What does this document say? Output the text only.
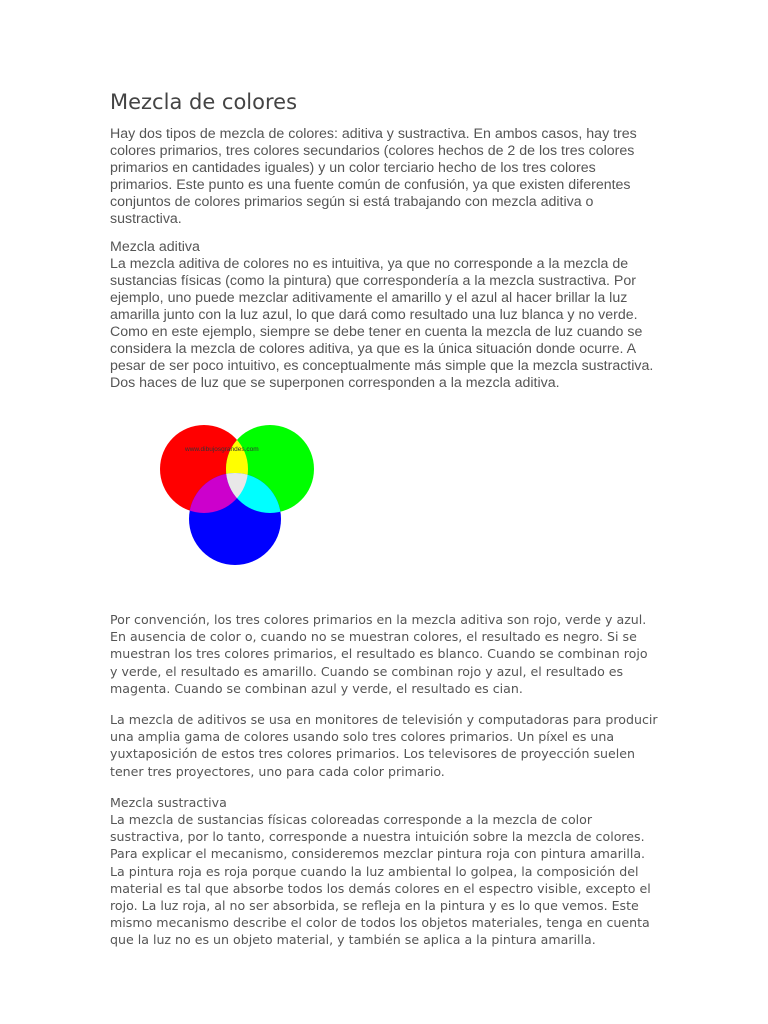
Mezcla de colores

Hay dos tipos de mezcla de colores: aditiva y sustractiva. En ambos casos, hay tres colores primarios, tres colores secundarios (colores hechos de 2 de los tres colores primarios en cantidades iguales) y un color terciario hecho de los tres colores primarios. Este punto es una fuente común de confusión, ya que existen diferentes conjuntos de colores primarios según si está trabajando con mezcla aditiva o sustractiva.

Mezcla aditiva

La mezcla aditiva de colores no es intuitiva, ya que no corresponde a la mezcla de sustancias físicas (como la pintura) que correspondería a la mezcla sustractiva. Por ejemplo, uno puede mezclar aditivamente el amarillo y el azul al hacer brillar la luz amarilla junto con la luz azul, lo que dará como resultado una luz blanca y no verde. Como en este ejemplo, siempre se debe tener en cuenta la mezcla de luz cuando se considera la mezcla de colores aditiva, ya que es la única situación donde ocurre. A pesar de ser poco intuitivo, es conceptualmente más simple que la mezcla sustractiva. Dos haces de luz que se superponen corresponden a la mezcla aditiva.

www.dibujosgrandes.com

Por convención, los tres colores primarios en la mezcla aditiva son rojo, verde y azul. En ausencia de color o, cuando no se muestran colores, el resultado es negro. Si se muestran los tres colores primarios, el resultado es blanco. Cuando se combinan rojo y verde, el resultado es amarillo. Cuando se combinan rojo y azul, el resultado es magenta. Cuando se combinan azul y verde, el resultado es cian.

La mezcla de aditivos se usa en monitores de televisión y computadoras para producir una amplia gama de colores usando solo tres colores primarios. Un píxel es una yuxtaposición de estos tres colores primarios. Los televisores de proyección suelen tener tres proyectores, uno para cada color primario.

Mezcla sustractiva

La mezcla de sustancias físicas coloreadas corresponde a la mezcla de color sustractiva, por lo tanto, corresponde a nuestra intuición sobre la mezcla de colores. Para explicar el mecanismo, consideremos mezclar pintura roja con pintura amarilla. La pintura roja es roja porque cuando la luz ambiental lo golpea, la composición del material es tal que absorbe todos los demás colores en el espectro visible, excepto el rojo. La luz roja, al no ser absorbida, se refleja en la pintura y es lo que vemos. Este mismo mecanismo describe el color de todos los objetos materiales, tenga en cuenta que la luz no es un objeto material, y también se aplica a la pintura amarilla.
